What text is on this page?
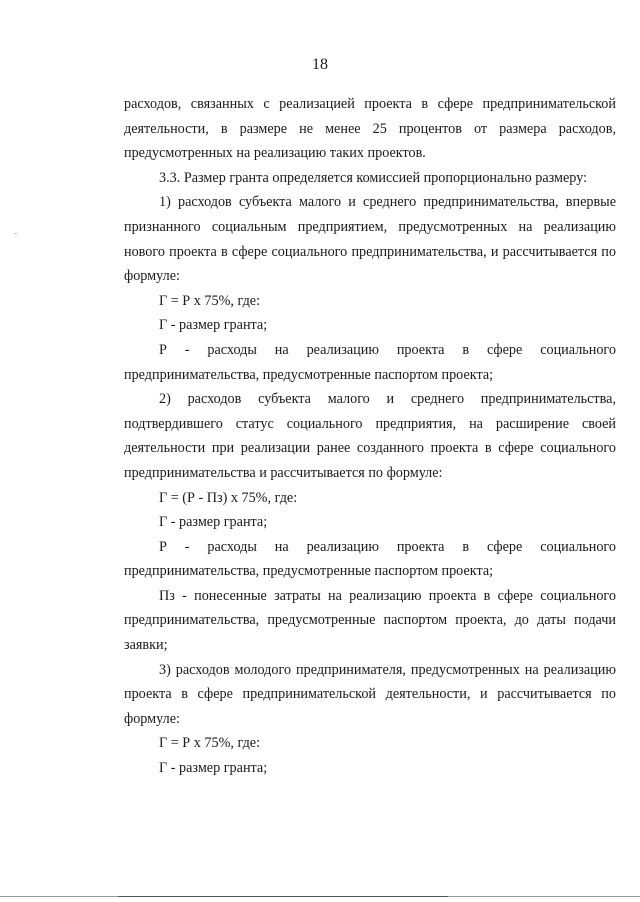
18

расходов, связанных с реализацией проекта в сфере предпринимательской деятельности, в размере не менее 25 процентов от размера расходов, предусмотренных на реализацию таких проектов.

3.3. Размер гранта определяется комиссией пропорционально размеру:

1) расходов субъекта малого и среднего предпринимательства, впервые признанного социальным предприятием, предусмотренных на реализацию нового проекта в сфере социального предпринимательства, и рассчитывается по формуле:

Г = Р х 75%, где:

Г - размер гранта;

Р - расходы на реализацию проекта в сфере социального предпринимательства, предусмотренные паспортом проекта;

2) расходов субъекта малого и среднего предпринимательства, подтвердившего статус социального предприятия, на расширение своей деятельности при реализации ранее созданного проекта в сфере социального предпринимательства и рассчитывается по формуле:

Г = (Р - Пз) х 75%, где:

Г - размер гранта;

Р - расходы на реализацию проекта в сфере социального предпринимательства, предусмотренные паспортом проекта;

Пз - понесенные затраты на реализацию проекта в сфере социального предпринимательства, предусмотренные паспортом проекта, до даты подачи заявки;

3) расходов молодого предпринимателя, предусмотренных на реализацию проекта в сфере предпринимательской деятельности, и рассчитывается по формуле:

Г = Р х 75%, где:

Г - размер гранта;
